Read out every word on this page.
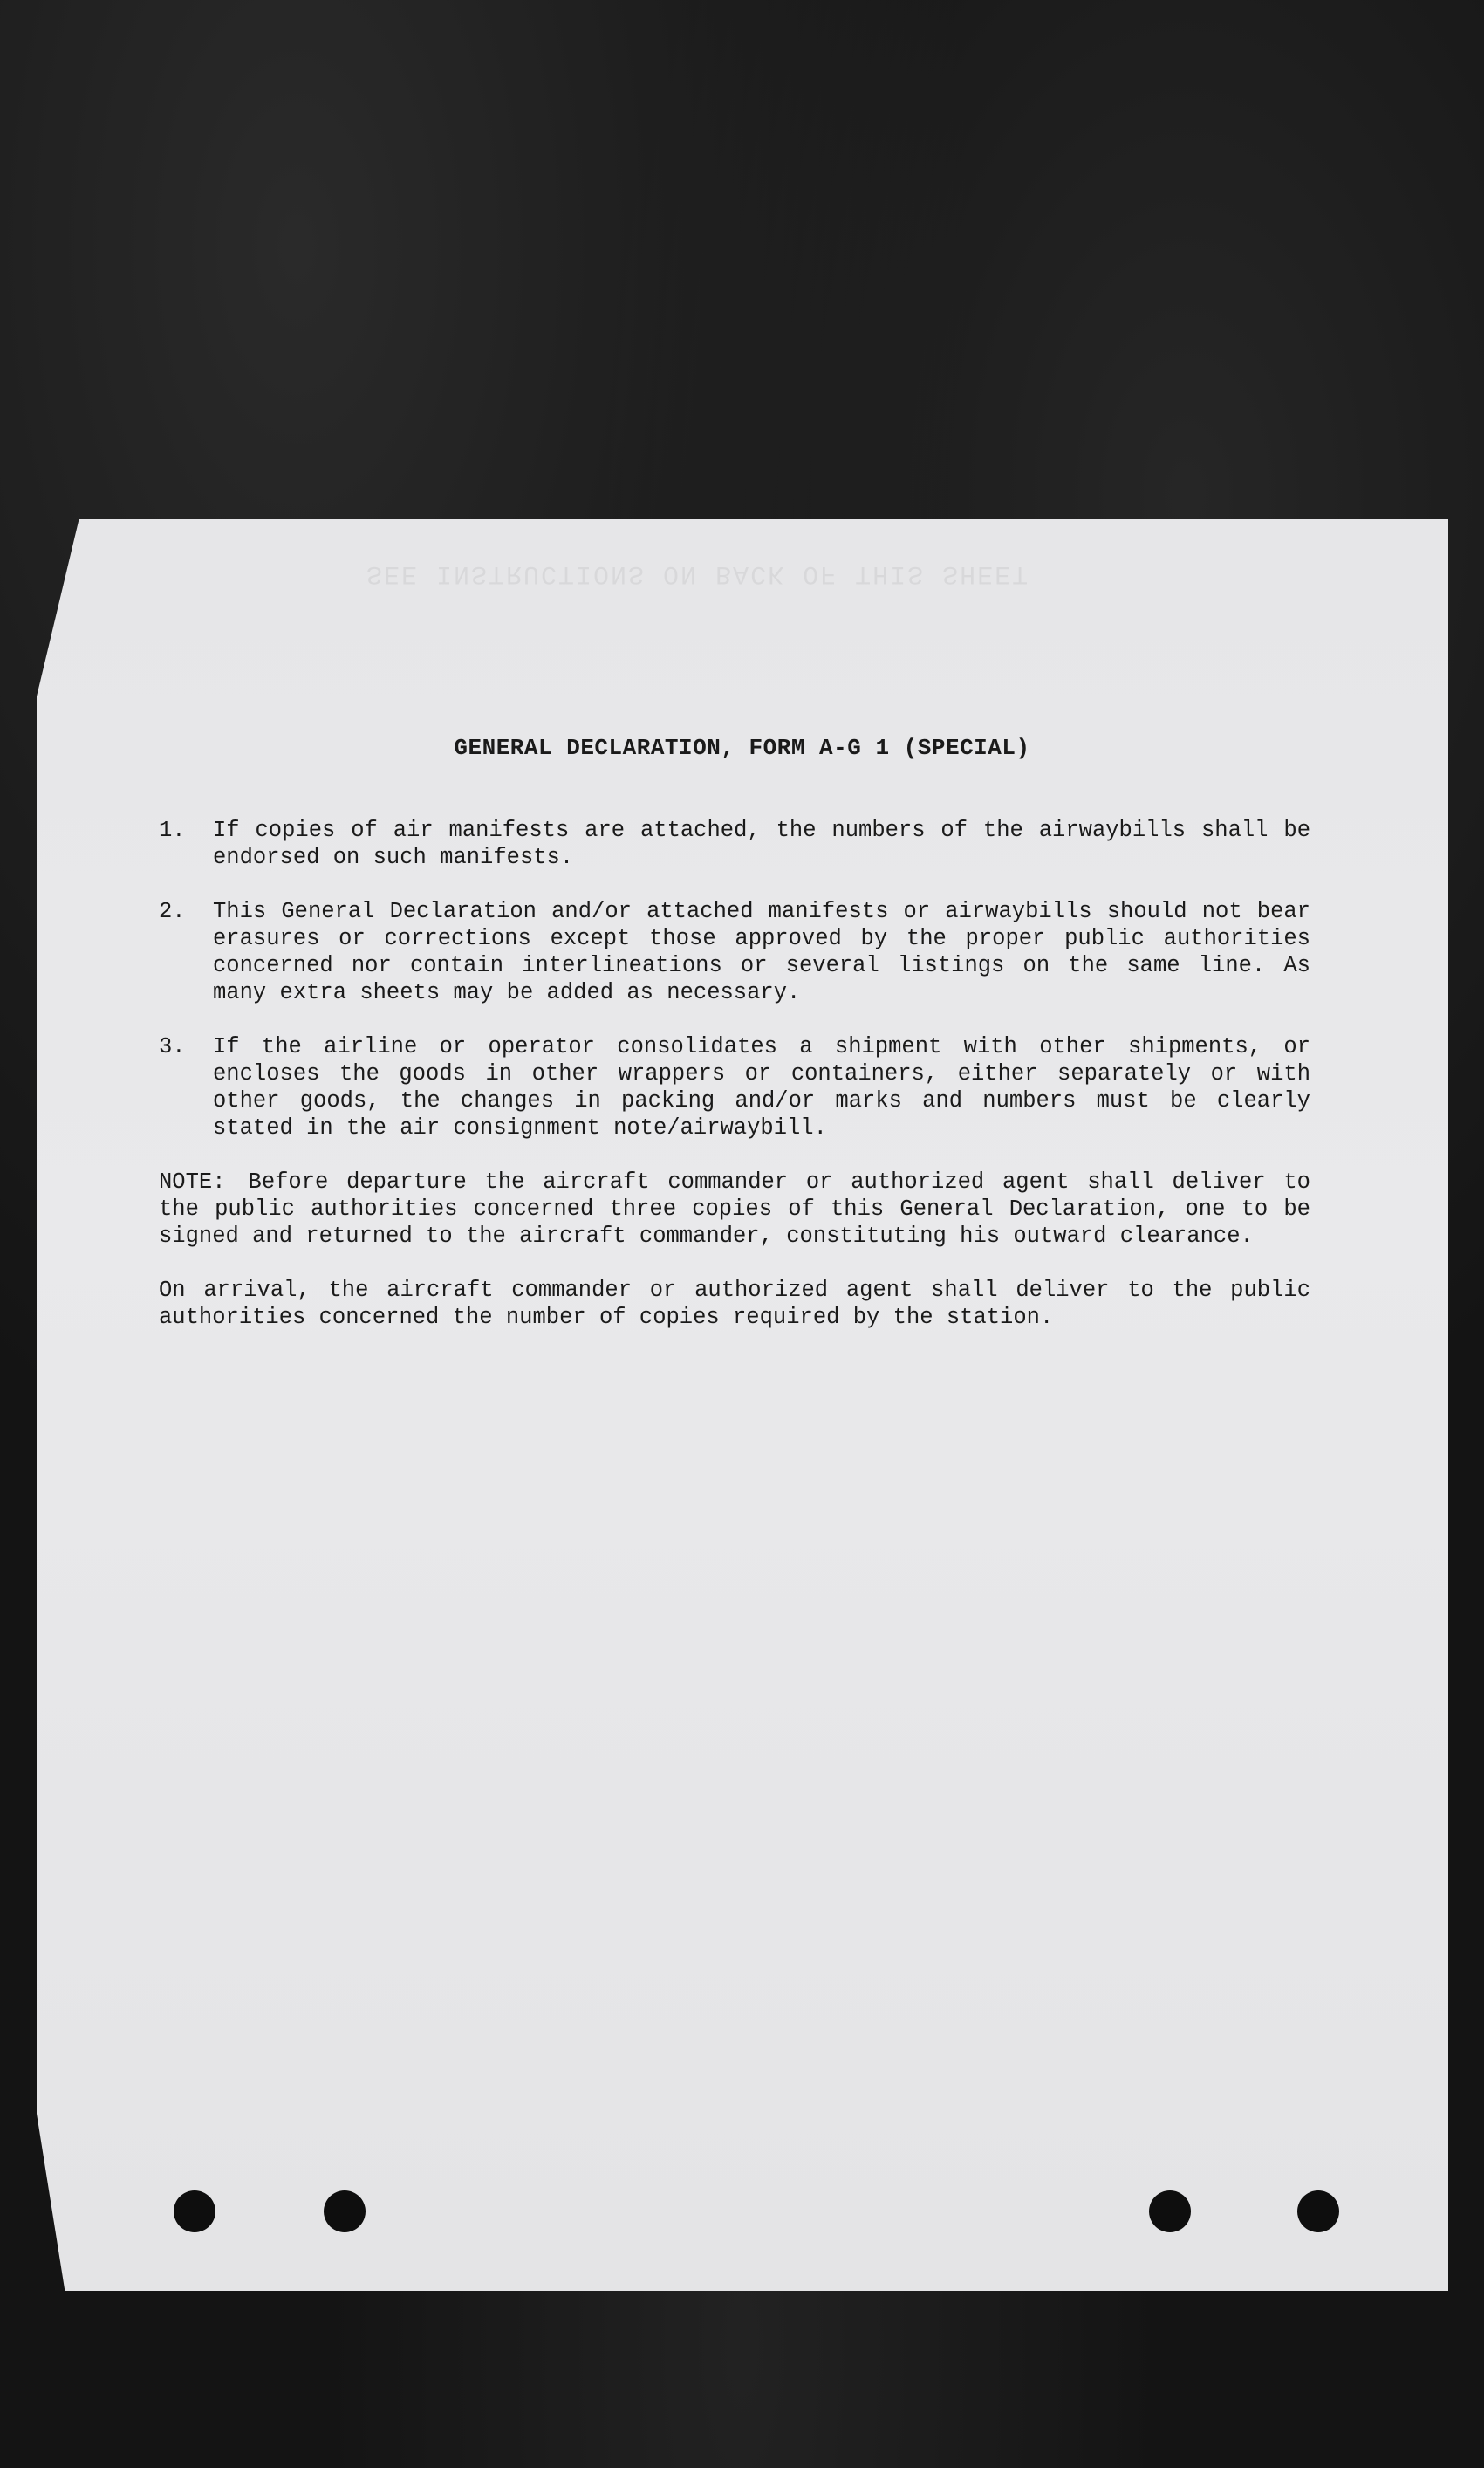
SEE INSTRUCTIONS ON BACK OF THIS SHEET
GENERAL DECLARATION, FORM A-G 1 (SPECIAL)
1.	If copies of air manifests are attached, the numbers of the airwaybills shall be endorsed on such manifests.

2.	This General Declaration and/or attached manifests or airwaybills should not bear erasures or corrections except those approved by the proper public authorities concerned nor contain interlineations or several listings on the same line. As many extra sheets may be added as necessary.

3.	If the airline or operator consolidates a shipment with other shipments, or encloses the goods in other wrappers or containers, either separately or with other goods, the changes in packing and/or marks and numbers must be clearly stated in the air consignment note/airwaybill.

NOTE: Before departure the aircraft commander or authorized agent shall deliver to the public authorities concerned three copies of this General Declaration, one to be signed and returned to the aircraft commander, constituting his outward clearance.

On arrival, the aircraft commander or authorized agent shall deliver to the public authorities concerned the number of copies required by the station.
